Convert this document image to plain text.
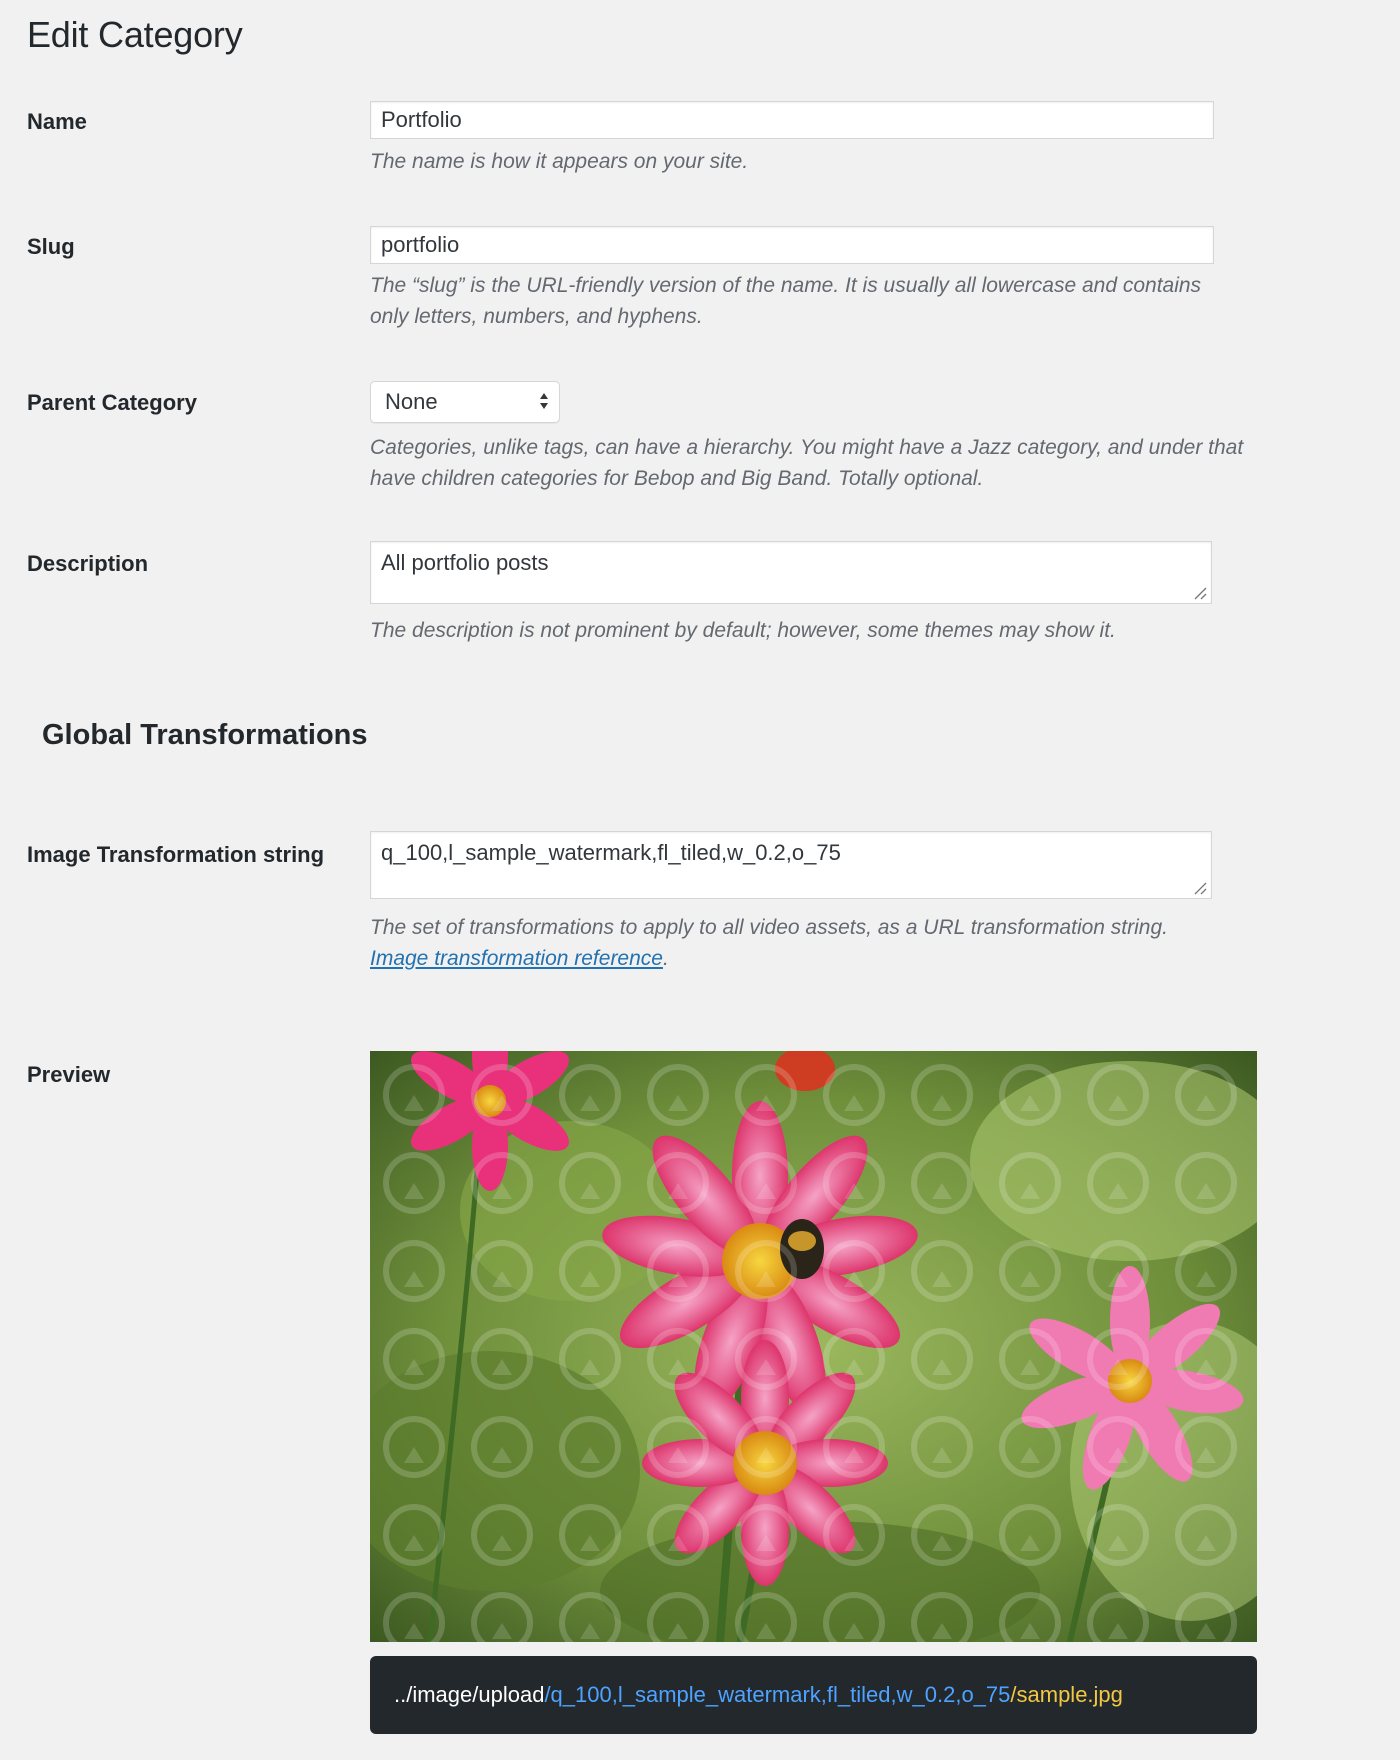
Edit Category
Name
Portfolio
The name is how it appears on your site.
Slug
portfolio
The “slug” is the URL-friendly version of the name. It is usually all lowercase and contains only letters, numbers, and hyphens.
Parent Category	None
Categories, unlike tags, can have a hierarchy. You might have a Jazz category, and under that have children categories for Bebop and Big Band. Totally optional.
Description
All portfolio posts
The description is not prominent by default; however, some themes may show it.
Global Transformations
Image Transformation string
q_100,l_sample_watermark,fl_tiled,w_0.2,o_75
The set of transformations to apply to all video assets, as a URL transformation string.
Image transformation reference.
Preview
../image/upload/q_100,l_sample_watermark,fl_tiled,w_0.2,o_75/sample.jpg
